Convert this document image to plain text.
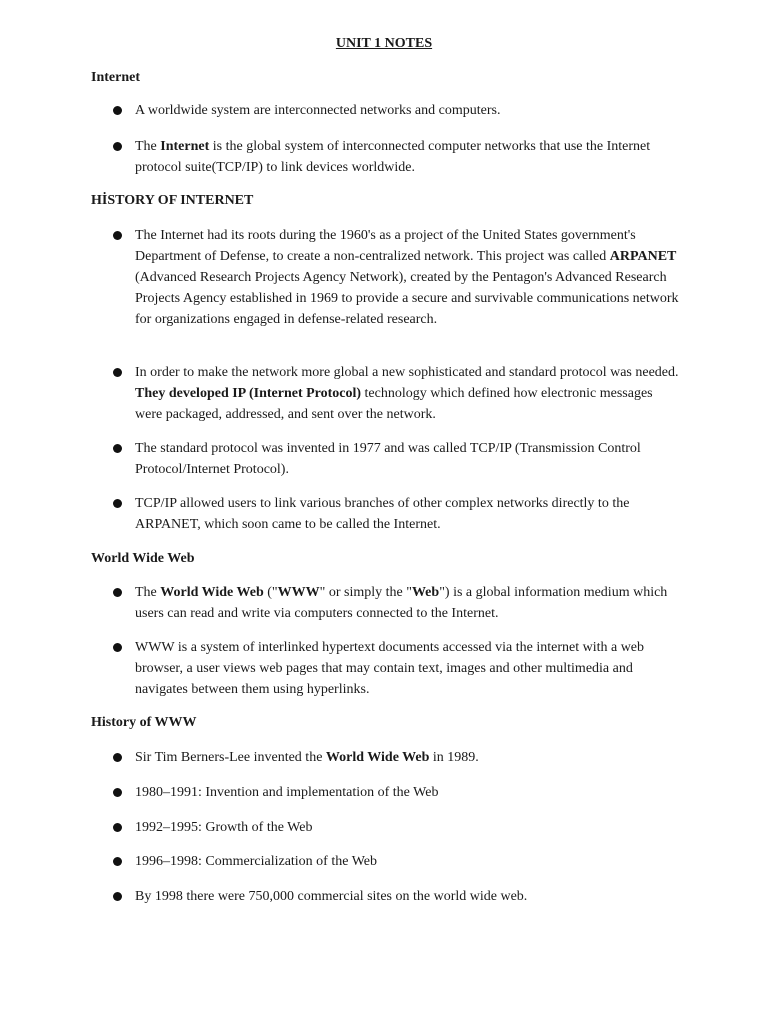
UNIT 1 NOTES
Internet
A worldwide system are interconnected networks and computers.
The Internet is the global system of interconnected computer networks that use the Internet protocol suite(TCP/IP) to link devices worldwide.
HİSTORY OF INTERNET
The Internet had its roots during the 1960's as a project of the United States government's Department of Defense, to create a non-centralized network. This project was called ARPANET (Advanced Research Projects Agency Network), created by the Pentagon's Advanced Research Projects Agency established in 1969 to provide a secure and survivable communications network for organizations engaged in defense-related research.
In order to make the network more global a new sophisticated and standard protocol was needed. They developed IP (Internet Protocol) technology which defined how electronic messages were packaged, addressed, and sent over the network.
The standard protocol was invented in 1977 and was called TCP/IP (Transmission Control Protocol/Internet Protocol).
TCP/IP allowed users to link various branches of other complex networks directly to the ARPANET, which soon came to be called the Internet.
World Wide Web
The World Wide Web ("WWW" or simply the "Web") is a global information medium which users can read and write via computers connected to the Internet.
WWW is a system of interlinked hypertext documents accessed via the internet with a web browser, a user views web pages that may contain text, images and other multimedia and navigates between them using hyperlinks.
History of WWW
Sir Tim Berners-Lee invented the World Wide Web in 1989.
1980–1991: Invention and implementation of the Web
1992–1995: Growth of the Web
1996–1998: Commercialization of the Web
By 1998 there were 750,000 commercial sites on the world wide web.
